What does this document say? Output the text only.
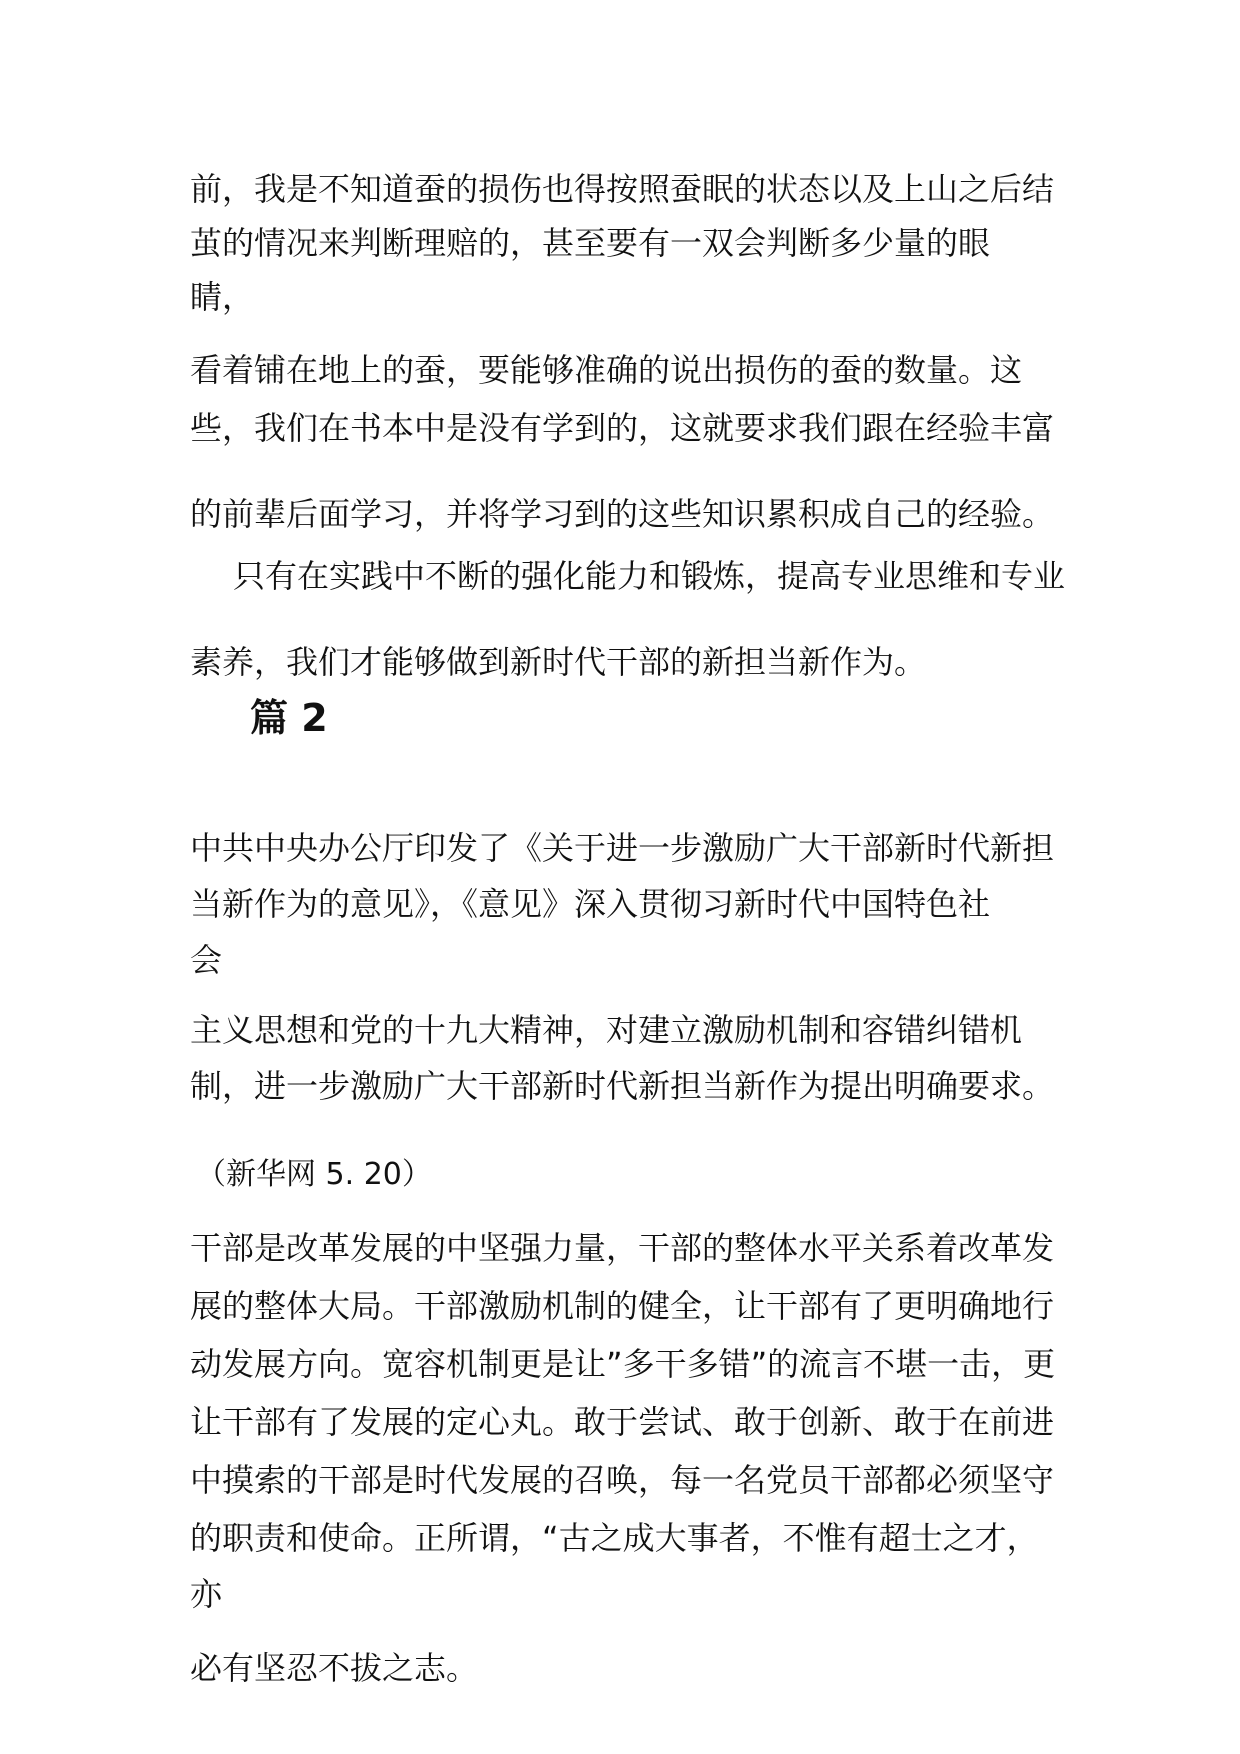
前，我是不知道蚕的损伤也得按照蚕眠的状态以及上山之后结

茧的情况来判断理赔的，甚至要有一双会判断多少量的眼

睛，

看着铺在地上的蚕，要能够准确的说出损伤的蚕的数量。这

些，我们在书本中是没有学到的，这就要求我们跟在经验丰富

的前辈后面学习，并将学习到的这些知识累积成自己的经验。

只有在实践中不断的强化能力和锻炼，提高专业思维和专业

素养，我们才能够做到新时代干部的新担当新作为。

篇 2

中共中央办公厅印发了《关于进一步激励广大干部新时代新担

当新作为的意见》，《意见》深入贯彻习新时代中国特色社

会

主义思想和党的十九大精神，对建立激励机制和容错纠错机

制，进一步激励广大干部新时代新担当新作为提出明确要求。

（新华网 5. 20）

干部是改革发展的中坚强力量，干部的整体水平关系着改革发

展的整体大局。干部激励机制的健全，让干部有了更明确地行

动发展方向。宽容机制更是让”多干多错”的流言不堪一击，更

让干部有了发展的定心丸。敢于尝试、敢于创新、敢于在前进

中摸索的干部是时代发展的召唤，每一名党员干部都必须坚守

的职责和使命。正所谓，“古之成大事者，不惟有超士之才，

亦

必有坚忍不拔之志。
